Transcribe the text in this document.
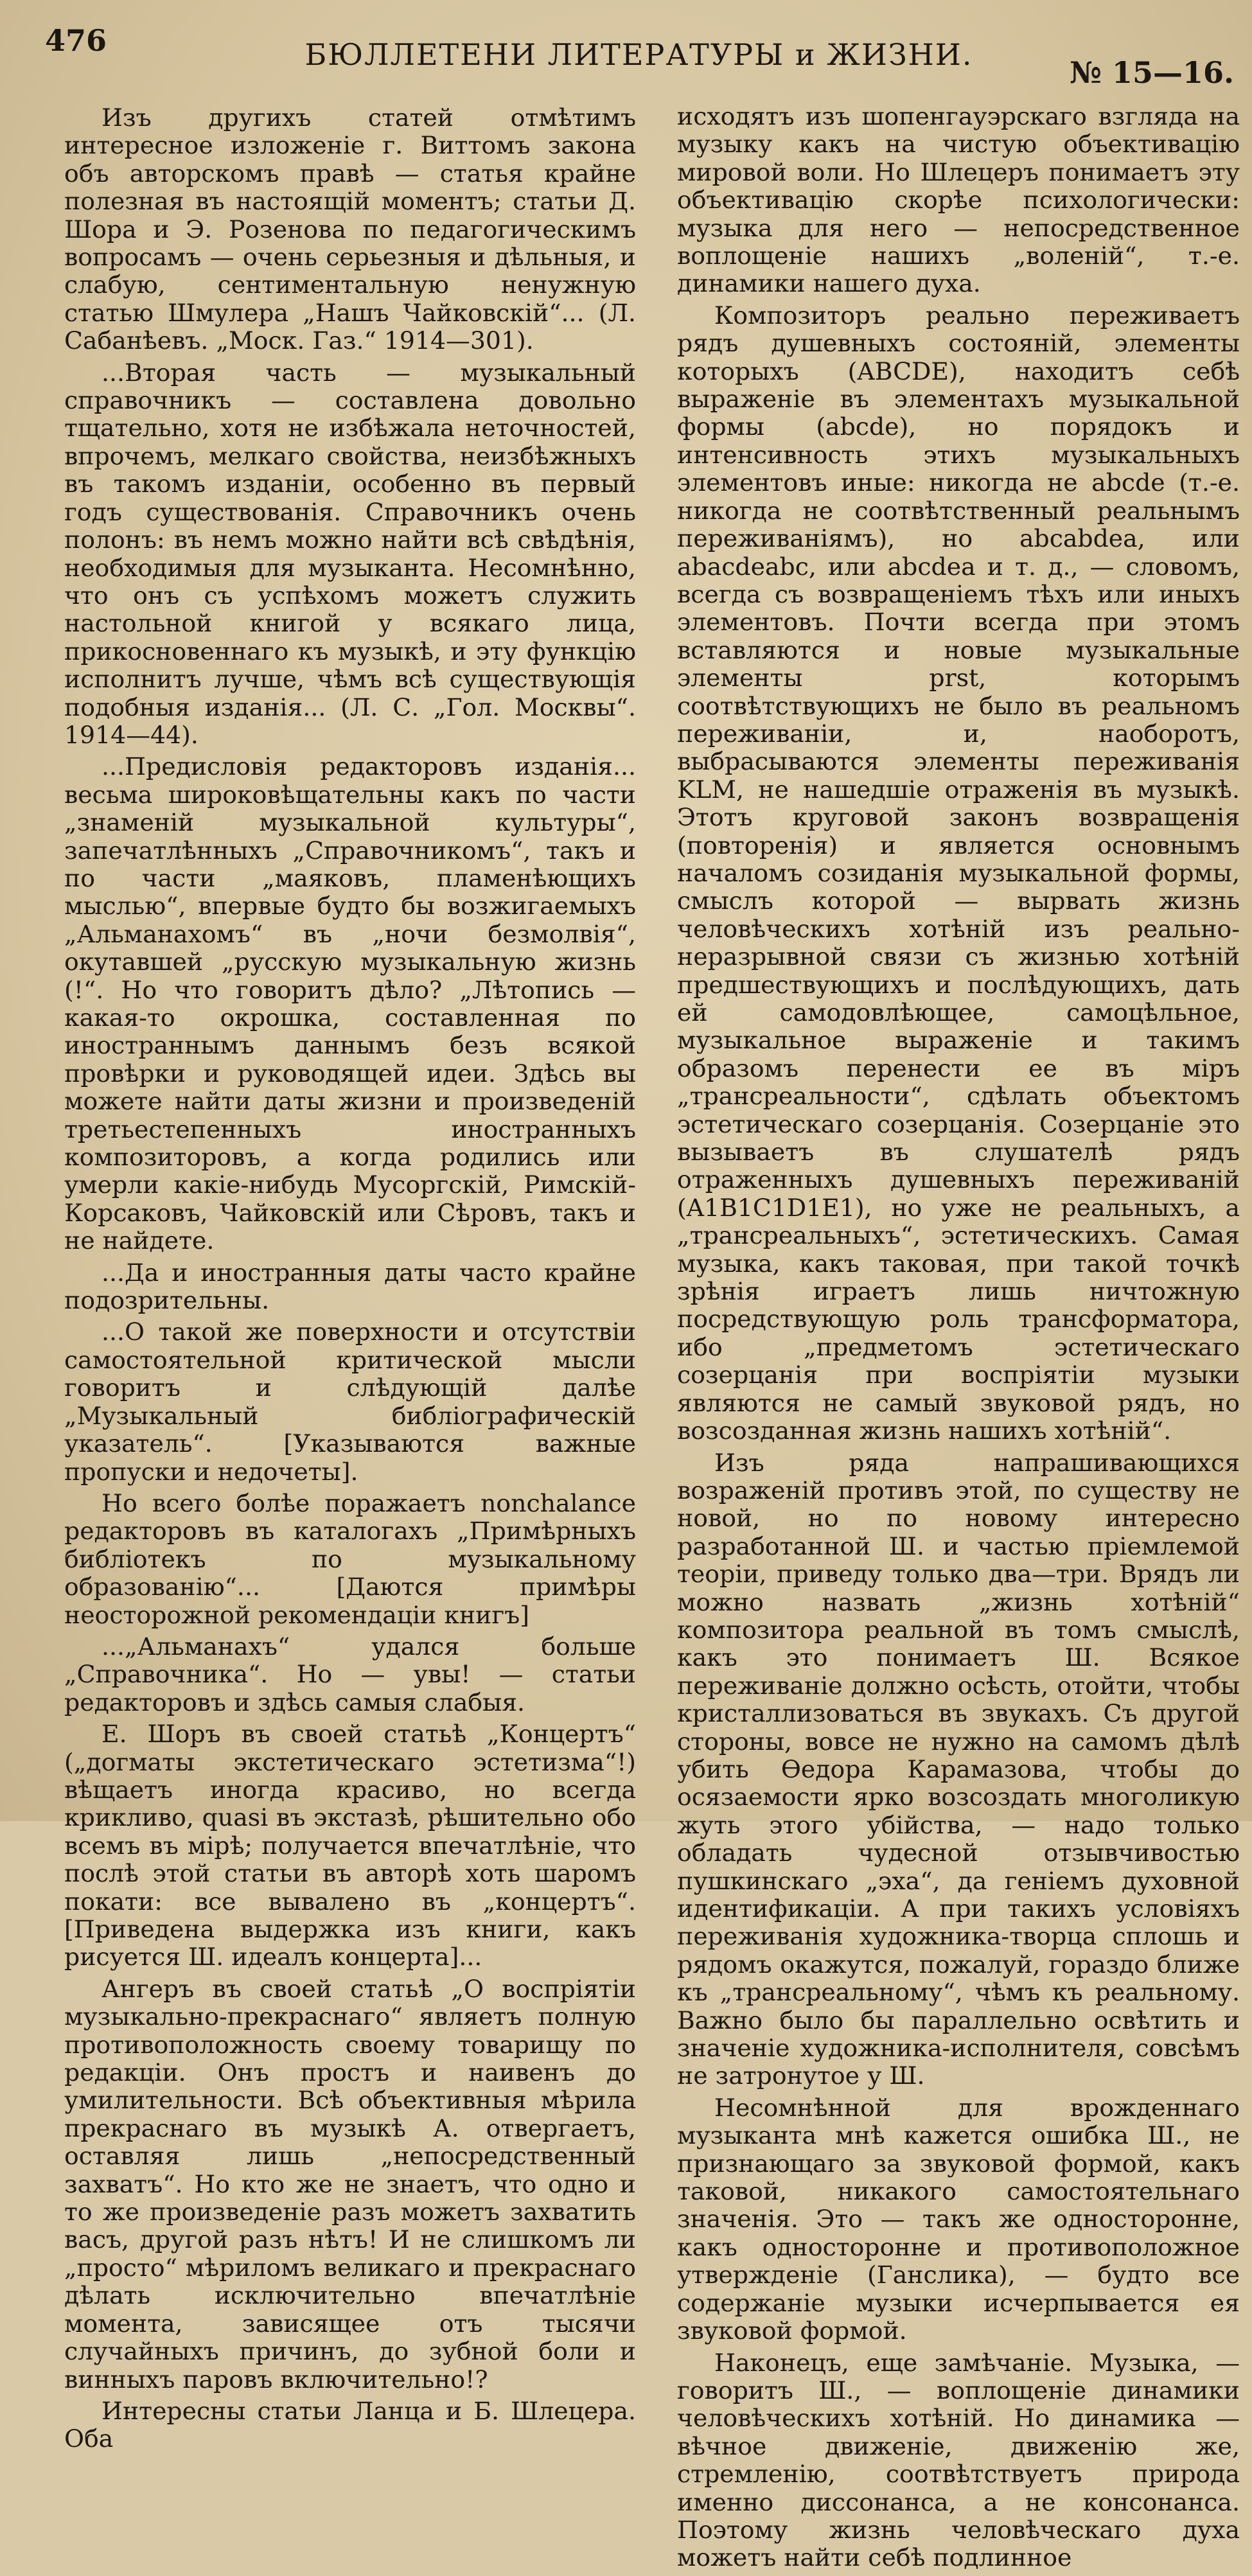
476	БЮЛЛЕТЕНИ ЛИТЕРАТУРЫ и ЖИЗНИ.
№ 15—16.

Изъ другихъ статей отмѣтимъ интересное изложеніе г. Виттомъ закона объ авторскомъ правѣ — статья крайне полезная въ настоящій моментъ; статьи Д. Шора и Э. Розенова по педагогическимъ вопросамъ — очень серьезныя и дѣльныя, и слабую, сентиментальную ненужную статью Шмулера „Нашъ Чайковскій“... (Л. Сабанѣевъ. „Моск. Газ.“ 1914—301).

...Вторая часть — музыкальный справочникъ — составлена довольно тщательно, хотя не избѣжала неточностей, впрочемъ, мелкаго свойства, неизбѣжныхъ въ такомъ изданіи, особенно въ первый годъ существованія. Справочникъ очень полонъ: въ немъ можно найти всѣ свѣдѣнія, необходимыя для музыканта. Несомнѣнно, что онъ съ успѣхомъ можетъ служить настольной книгой у всякаго лица, прикосновеннаго къ музыкѣ, и эту функцію исполнитъ лучше, чѣмъ всѣ существующія подобныя изданія... (Л. С. „Гол. Москвы“. 1914—44).

...Предисловія редакторовъ изданія... весьма широковѣщательны какъ по части „знаменій музыкальной культуры“, запечатлѣнныхъ „Справочникомъ“, такъ и по части „маяковъ, пламенѣющихъ мыслью“, впервые будто бы возжигаемыхъ „Альманахомъ“ въ „ночи безмолвія“, окутавшей „русскую музыкальную жизнь (!“. Но что говоритъ дѣло? „Лѣтопись — какая-то окрошка, составленная по иностраннымъ даннымъ безъ всякой провѣрки и руководящей идеи. Здѣсь вы можете найти даты жизни и произведеній третьестепенныхъ иностранныхъ композиторовъ, а когда родились или умерли какіе-нибудь Мусоргскій, Римскій-Корсаковъ, Чайковскій или Сѣровъ, такъ и не найдете.

...Да и иностранныя даты часто крайне подозрительны.

...О такой же поверхности и отсутствіи самостоятельной критической мысли говоритъ и слѣдующій далѣе „Музыкальный библіографическій указатель“. [Указываются важные пропуски и недочеты].

Но всего болѣе поражаетъ nonchalance редакторовъ въ каталогахъ „Примѣрныхъ библіотекъ по музыкальному образованію“... [Даются примѣры неосторожной рекомендаціи книгъ]

...„Альманахъ“ удался больше „Справочника“. Но — увы! — статьи редакторовъ и здѣсь самыя слабыя.

Е. Шоръ въ своей статьѣ „Концертъ“ („догматы экстетическаго эстетизма“!) вѣщаетъ иногда красиво, но всегда крикливо, quasi въ экстазѣ, рѣшительно обо всемъ въ мірѣ; получается впечатлѣніе, что послѣ этой статьи въ авторѣ хоть шаромъ покати: все вывалено въ „концертъ“. [Приведена выдержка изъ книги, какъ рисуется Ш. идеалъ концерта]...

Ангеръ въ своей статьѣ „О воспріятіи музыкально-прекраснаго“ являетъ полную противоположность своему товарищу по редакціи. Онъ простъ и наивенъ до умилительности. Всѣ объективныя мѣрила прекраснаго въ музыкѣ А. отвергаетъ, оставляя лишь „непосредственный захватъ“. Но кто же не знаетъ, что одно и то же произведеніе разъ можетъ захватить васъ, другой разъ нѣтъ! И не слишкомъ ли „просто“ мѣриломъ великаго и прекраснаго дѣлать исключительно впечатлѣніе момента, зависящее отъ тысячи случайныхъ причинъ, до зубной боли и винныхъ паровъ включительно!?

Интересны статьи Ланца и Б. Шлецера. Оба

исходятъ изъ шопенгауэрскаго взгляда на музыку какъ на чистую объективацію мировой воли. Но Шлецеръ понимаетъ эту объективацію скорѣе психологически: музыка для него — непосредственное воплощеніе нашихъ „воленій“, т.-е. динамики нашего духа.

Композиторъ реально переживаетъ рядъ душевныхъ состояній, элементы которыхъ (ABCDE), находитъ себѣ выраженіе въ элементахъ музыкальной формы (abcde), но порядокъ и интенсивность этихъ музыкальныхъ элементовъ иные: никогда не abcde (т.-е. никогда не соотвѣтственный реальнымъ переживаніямъ), но abcabdea, или abacdeabc, или abcdea и т. д., — словомъ, всегда съ возвращеніемъ тѣхъ или иныхъ элементовъ. Почти всегда при этомъ вставляются и новые музыкальные элементы prst, которымъ соотвѣтствующихъ не было въ реальномъ переживаніи, и, наоборотъ, выбрасываются элементы переживанія KLM, не нашедшіе отраженія въ музыкѣ. Этотъ круговой законъ возвращенія (повторенія) и является основнымъ началомъ созиданія музыкальной формы, смыслъ которой — вырвать жизнь человѣческихъ хотѣній изъ реально-неразрывной связи съ жизнью хотѣній предшествующихъ и послѣдующихъ, дать ей самодовлѣющее, самоцѣльное, музыкальное выраженіе и такимъ образомъ перенести ее въ міръ „трансреальности“, сдѣлать объектомъ эстетическаго созерцанія. Созерцаніе это вызываетъ въ слушателѣ рядъ отраженныхъ душевныхъ переживаній (A1B1C1D1E1), но уже не реальныхъ, а „трансреальныхъ“, эстетическихъ. Самая музыка, какъ таковая, при такой точкѣ зрѣнія играетъ лишь ничтожную посредствующую роль трансформатора, ибо „предметомъ эстетическаго созерцанія при воспріятіи музыки являются не самый звуковой рядъ, но возсозданная жизнь нашихъ хотѣній“.

Изъ ряда напрашивающихся возраженій противъ этой, по существу не новой, но по новому интересно разработанной Ш. и частью пріемлемой теоріи, приведу только два—три. Врядъ ли можно назвать „жизнь хотѣній“ композитора реальной въ томъ смыслѣ, какъ это понимаетъ Ш. Всякое переживаніе должно осѣсть, отойти, чтобы кристаллизоваться въ звукахъ. Съ другой стороны, вовсе не нужно на самомъ дѣлѣ убить Ѳедора Карамазова, чтобы до осязаемости ярко возсоздать многоликую жуть этого убійства, — надо только обладать чудесной отзывчивостью пушкинскаго „эха“, да геніемъ духовной идентификаціи. А при такихъ условіяхъ переживанія художника-творца сплошь и рядомъ окажутся, пожалуй, гораздо ближе къ „трансреальному“, чѣмъ къ реальному. Важно было бы параллельно освѣтить и значеніе художника-исполнителя, совсѣмъ не затронутое у Ш.

Несомнѣнной для врожденнаго музыканта мнѣ кажется ошибка Ш., не признающаго за звуковой формой, какъ таковой, никакого самостоятельнаго значенія. Это — такъ же односторонне, какъ одностороннe и противоположное утвержденіе (Ганслика), — будто все содержаніе музыки исчерпывается ея звуковой формой.

Наконецъ, еще замѣчаніе. Музыка, — говоритъ Ш., — воплощеніе динамики человѣческихъ хотѣній. Но динамика — вѣчное движеніе, движенію же, стремленію, соотвѣтствуетъ природа именно диссонанса, а не консонанса. Поэтому жизнь человѣческаго духа можетъ найти себѣ подлинное
